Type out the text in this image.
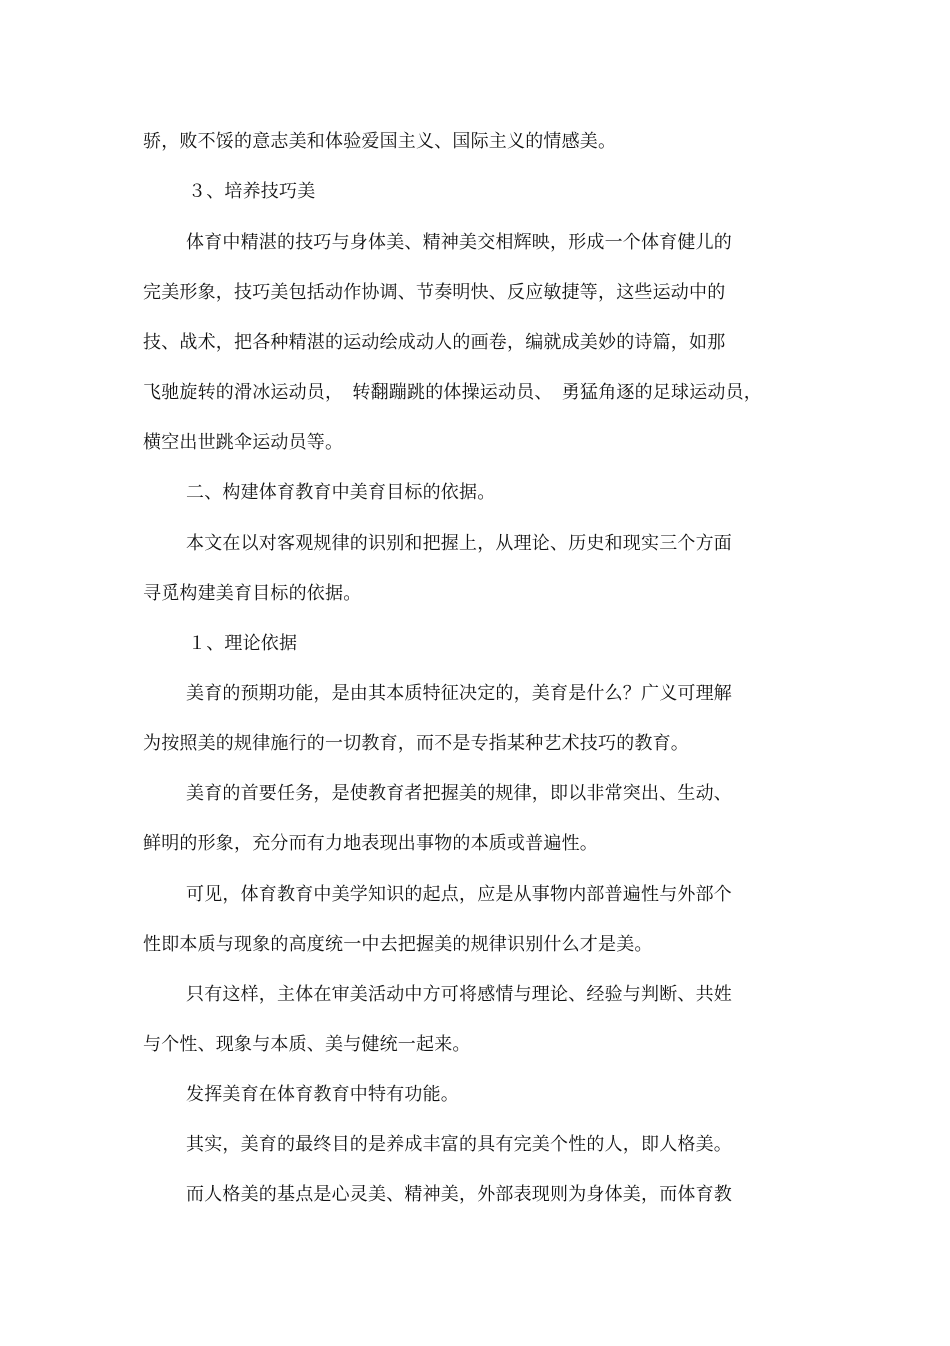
骄，败不馁的意志美和体验爱国主义、国际主义的情感美。
３、培养技巧美
体育中精湛的技巧与身体美、精神美交相辉映，形成一个体育健儿的
完美形象，技巧美包括动作协调、节奏明快、反应敏捷等，这些运动中的
技、战术，把各种精湛的运动绘成动人的画卷，编就成美妙的诗篇，如那
飞驰旋转的滑冰运动员，　转翻蹦跳的体操运动员、　勇猛角逐的足球运动员，
横空出世跳伞运动员等。
二、构建体育教育中美育目标的依据。
本文在以对客观规律的识别和把握上，从理论、历史和现实三个方面
寻觅构建美育目标的依据。
１、理论依据
美育的预期功能，是由其本质特征决定的，美育是什么？广义可理解
为按照美的规律施行的一切教育，而不是专指某种艺术技巧的教育。
美育的首要任务，是使教育者把握美的规律，即以非常突出、生动、
鲜明的形象，充分而有力地表现出事物的本质或普遍性。
可见，体育教育中美学知识的起点，应是从事物内部普遍性与外部个
性即本质与现象的高度统一中去把握美的规律识别什么才是美。
只有这样，主体在审美活动中方可将感情与理论、经验与判断、共姓
与个性、现象与本质、美与健统一起来。
发挥美育在体育教育中特有功能。
其实，美育的最终目的是养成丰富的具有完美个性的人，即人格美。
而人格美的基点是心灵美、精神美，外部表现则为身体美，而体育教
